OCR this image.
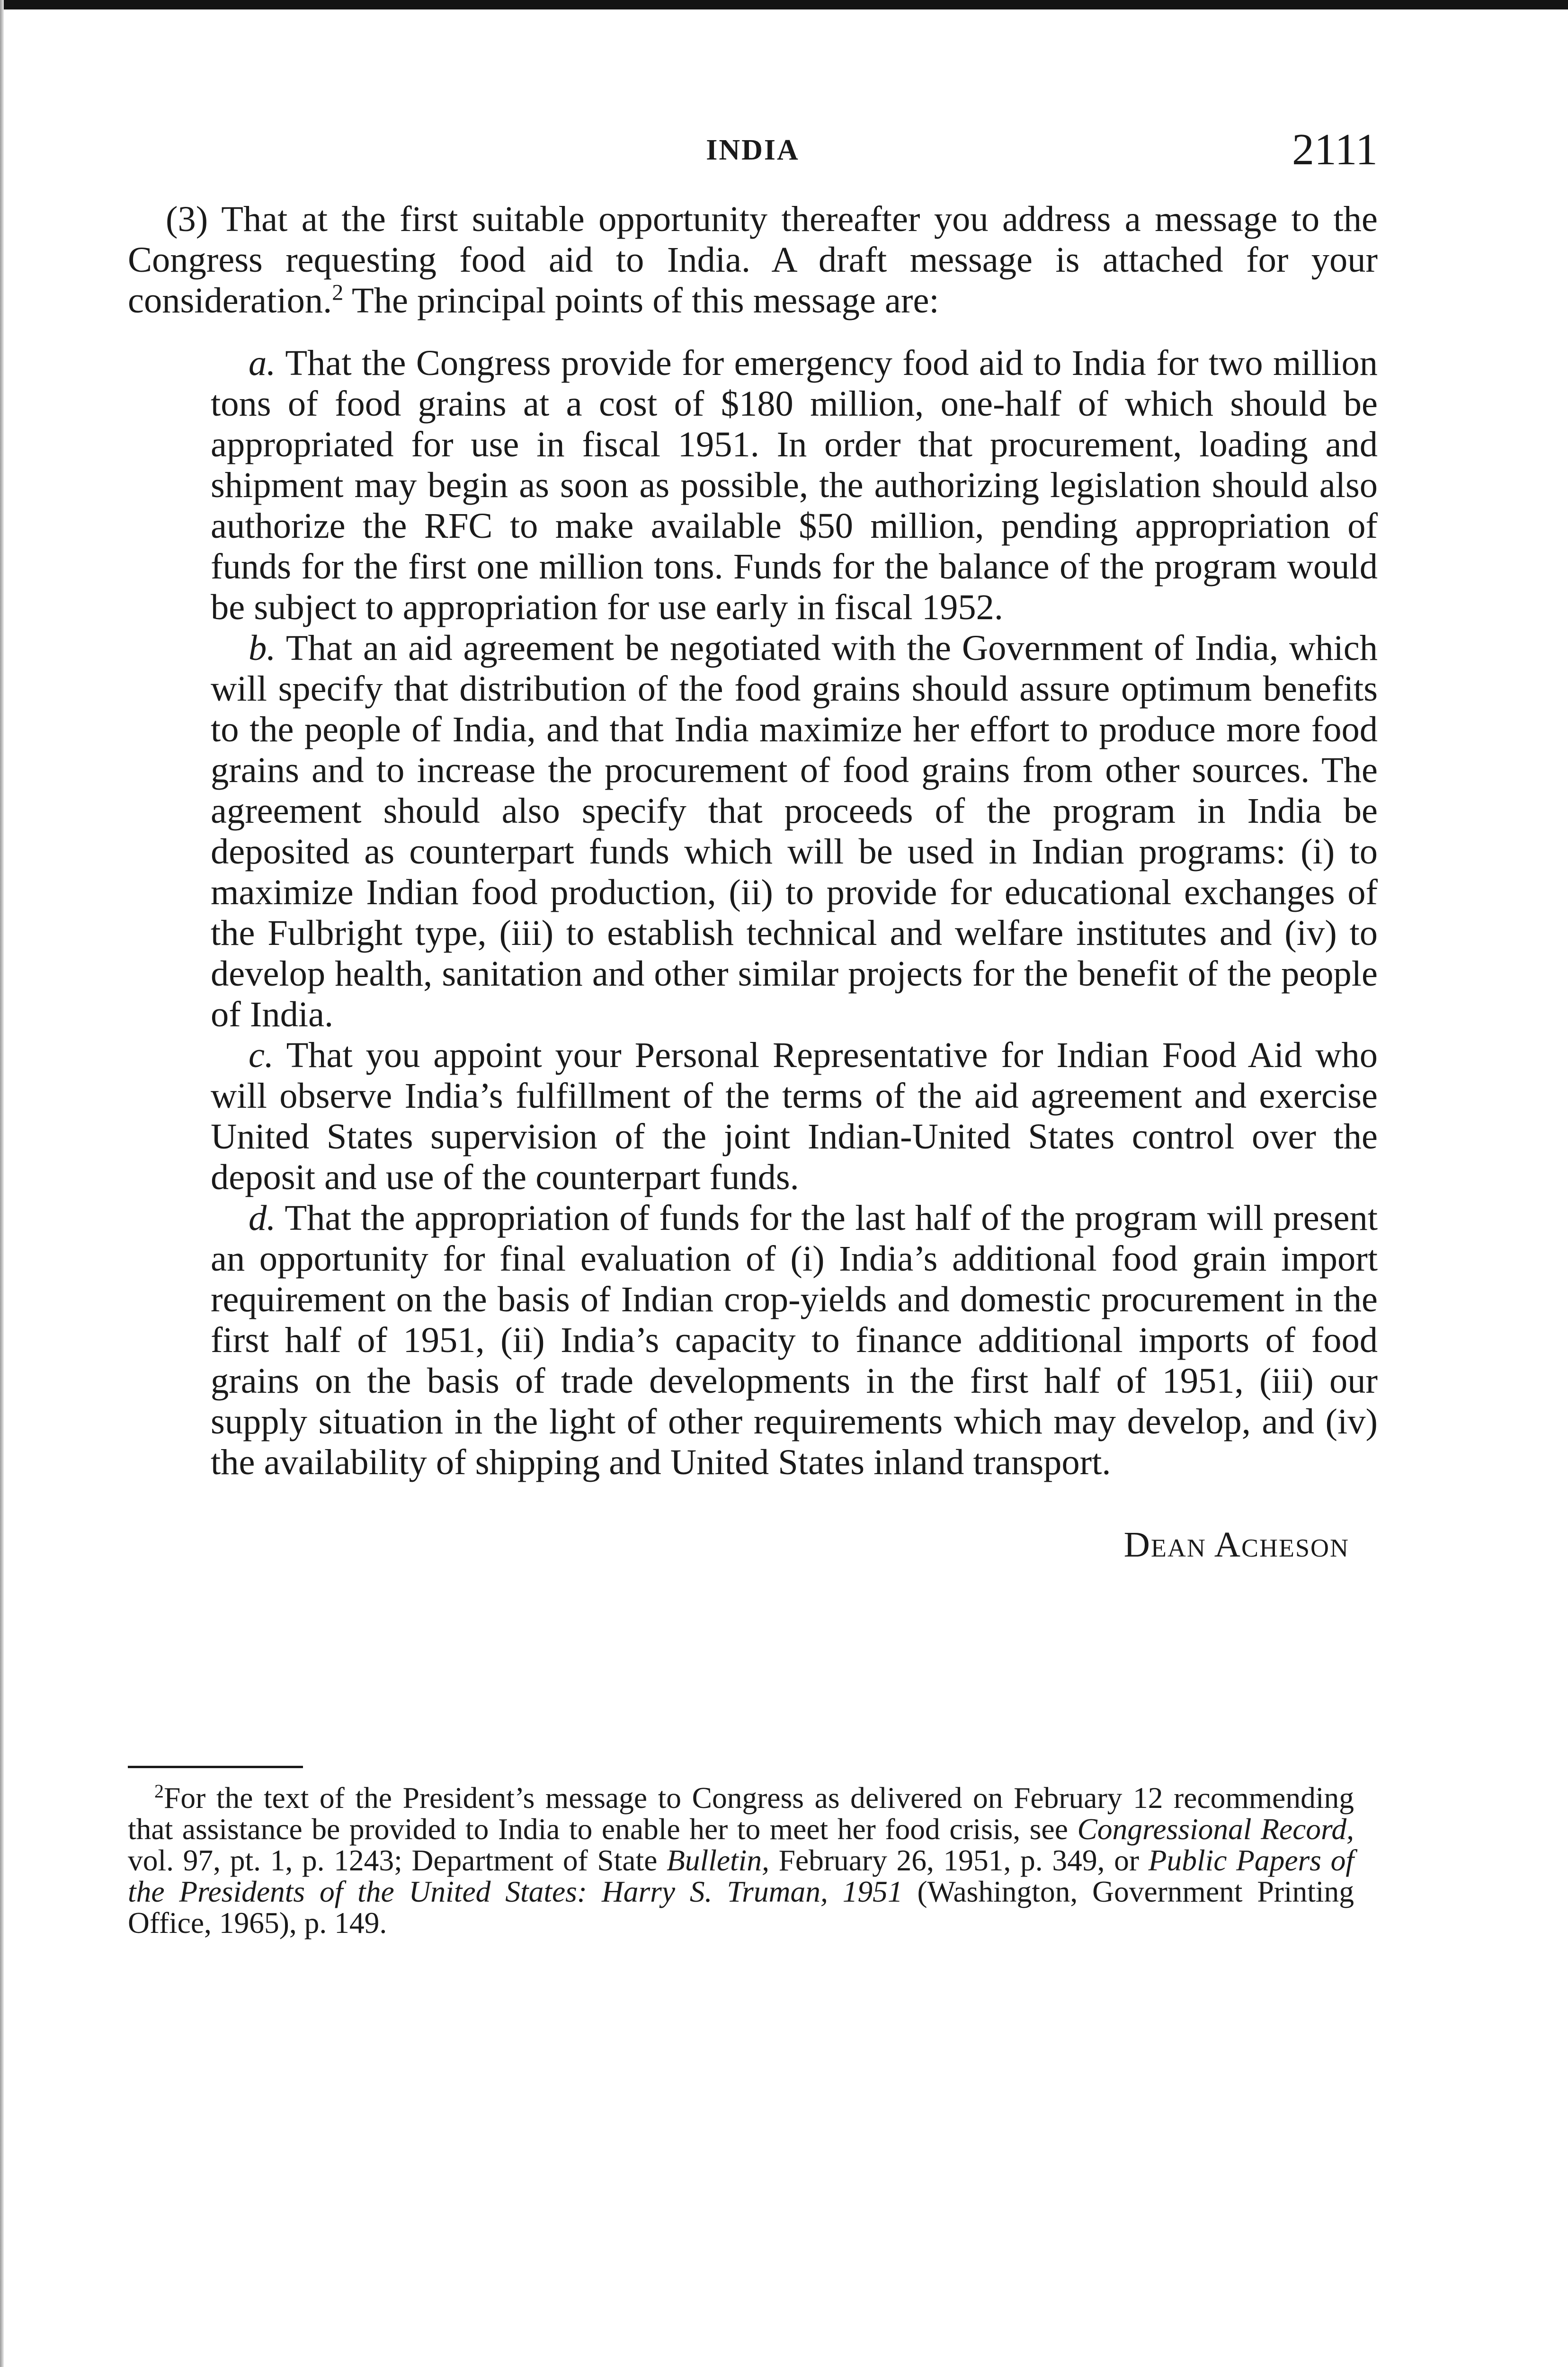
INDIA	2111

(3) That at the first suitable opportunity thereafter you address a message to the Congress requesting food aid to India. A draft message is attached for your consideration.$^2$ The principal points of this message are:

a. That the Congress provide for emergency food aid to India for two million tons of food grains at a cost of $180 million, one-half of which should be appropriated for use in fiscal 1951. In order that procurement, loading and shipment may begin as soon as possible, the authorizing legislation should also authorize the RFC to make available $50 million, pending appropriation of funds for the first one million tons. Funds for the balance of the program would be subject to appropriation for use early in fiscal 1952.

b. That an aid agreement be negotiated with the Government of India, which will specify that distribution of the food grains should assure optimum benefits to the people of India, and that India maximize her effort to produce more food grains and to increase the procurement of food grains from other sources. The agreement should also specify that proceeds of the program in India be deposited as counterpart funds which will be used in Indian programs: (i) to maximize Indian food production, (ii) to provide for educational exchanges of the Fulbright type, (iii) to establish technical and welfare institutes and (iv) to develop health, sanitation and other similar projects for the benefit of the people of India.

c. That you appoint your Personal Representative for Indian Food Aid who will observe India’s fulfillment of the terms of the aid agreement and exercise United States supervision of the joint Indian-United States control over the deposit and use of the counterpart funds.

d. That the appropriation of funds for the last half of the program will present an opportunity for final evaluation of (i) India’s additional food grain import requirement on the basis of Indian crop-yields and domestic procurement in the first half of 1951, (ii) India’s capacity to finance additional imports of food grains on the basis of trade developments in the first half of 1951, (iii) our supply situation in the light of other requirements which may develop, and (iv) the availability of shipping and United States inland transport.

Dean Acheson
$^2$For the text of the President’s message to Congress as delivered on February 12 recommending that assistance be provided to India to enable her to meet her food crisis, see Congressional Record, vol. 97, pt. 1, p. 1243; Department of State Bulletin, February 26, 1951, p. 349, or Public Papers of the Presidents of the United States: Harry S. Truman, 1951 (Washington, Government Printing Office, 1965), p. 149.
